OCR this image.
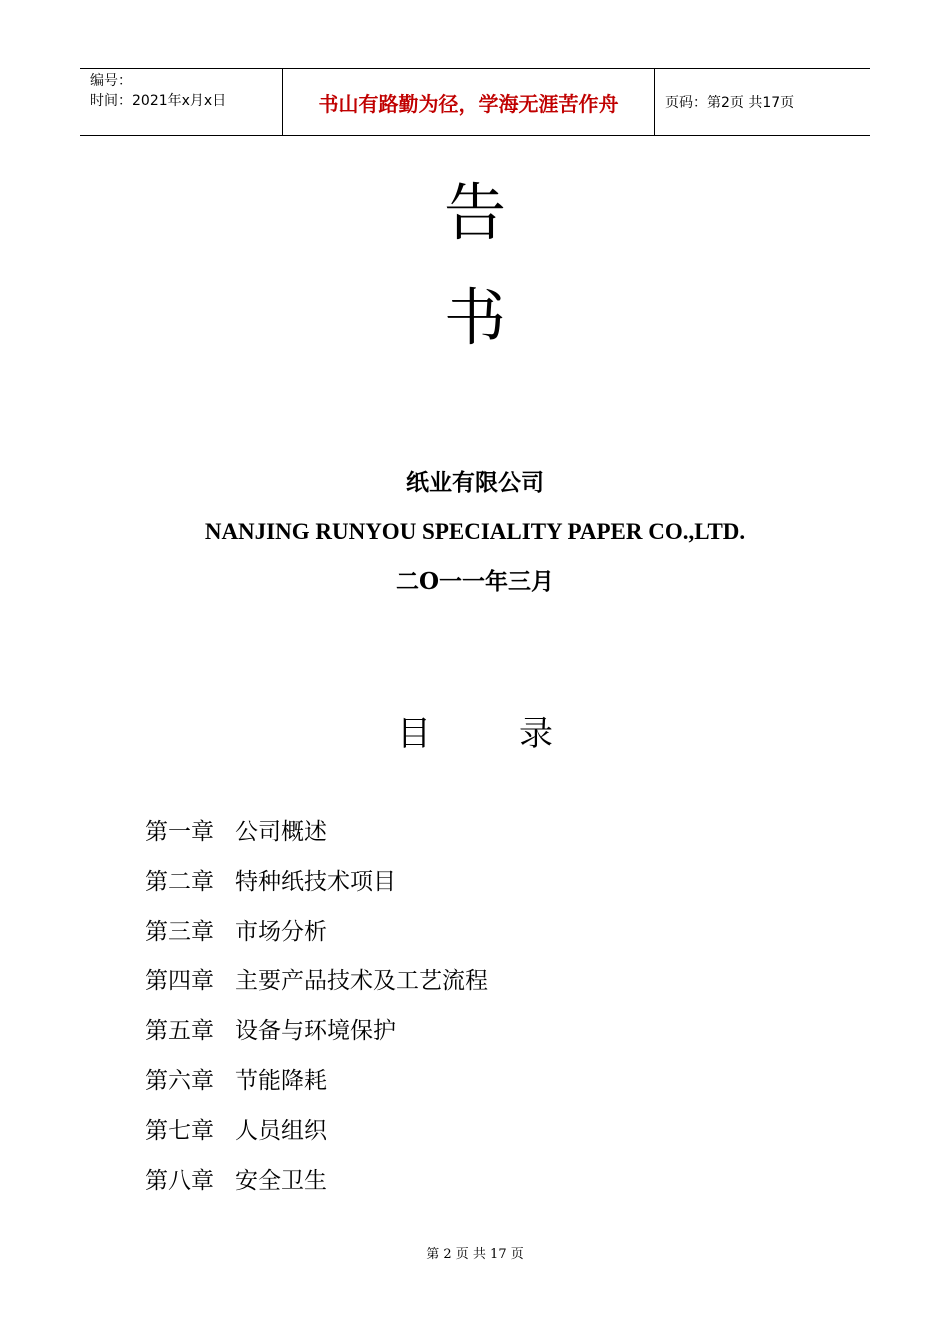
编号：
时间：2021年x月x日	书山有路勤为径，学海无涯苦作舟	页码：第2页 共17页
告
书
纸业有限公司
NANJING RUNYOU SPECIALITY PAPER CO.,LTD.
二O一一年三月
目	录
第一章 公司概述
第二章 特种纸技术项目
第三章 市场分析
第四章 主要产品技术及工艺流程
第五章 设备与环境保护
第六章 节能降耗
第七章 人员组织
第八章 安全卫生
第 2 页 共 17 页
